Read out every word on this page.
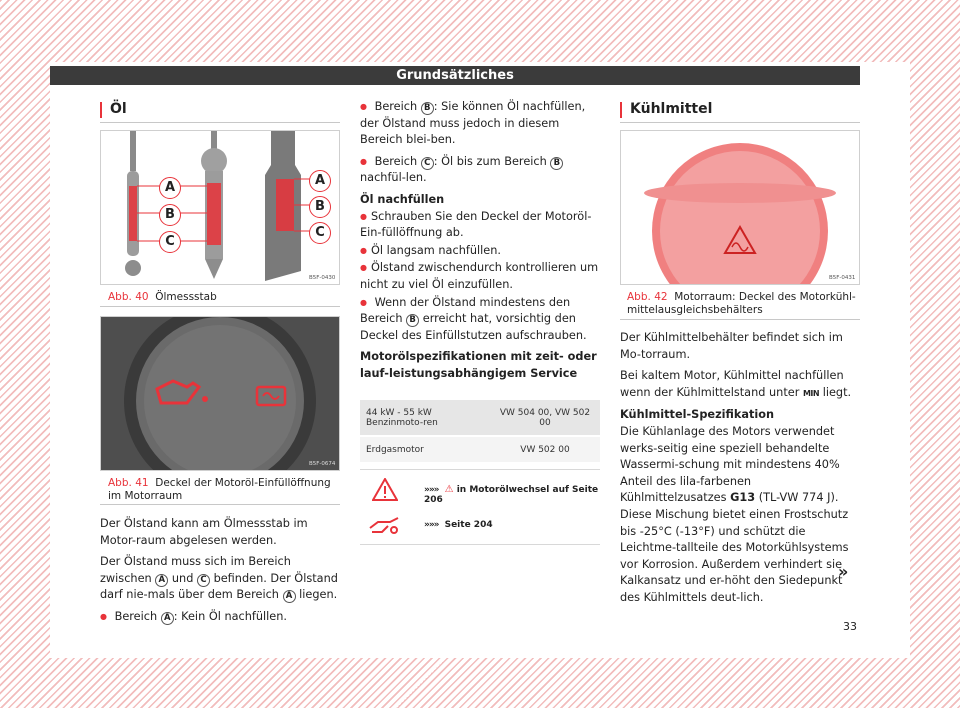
Grundsätzliches
Öl
A
B
C
A
B
C
B5F-0430
Abb. 40 Ölmessstab
B5F-0674
Abb. 41 Deckel der Motoröl-Einfüllöffnung im Motorraum

Der Ölstand kann am Ölmessstab im Motor-raum abgelesen werden.

Der Ölstand muss sich im Bereich zwischen A und C befinden. Der Ölstand darf nie-mals über dem Bereich A liegen.

● Bereich A : Kein Öl nachfüllen.

● Bereich B : Sie können Öl nachfüllen, der Ölstand muss jedoch in diesem Bereich blei-ben.

● Bereich C : Öl bis zum Bereich B nachfül-len.

Öl nachfüllen

● Schrauben Sie den Deckel der Motoröl-Ein-füllöffnung ab.

● Öl langsam nachfüllen.

● Ölstand zwischendurch kontrollieren um nicht zu viel Öl einzufüllen.

● Wenn der Ölstand mindestens den Bereich B erreicht hat, vorsichtig den Deckel des Einfüllstutzen aufschrauben.

Motorölspezifikationen mit zeit- oder lauf-leistungsabhängigem Service

44 kW - 55 kW Benzinmoto-ren	VW 504 00, VW 502 00
Erdgasmotor	VW 502 00
»»» ⚠ in Motorölwechsel auf Seite 206
»»» Seite 204
Kühlmittel
B5F-0431
Abb. 42 Motorraum: Deckel des Motorkühl-mittelausgleichsbehälters

Der Kühlmittelbehälter befindet sich im Mo-torraum.

Bei kaltem Motor, Kühlmittel nachfüllen wenn der Kühlmittelstand unter MIN liegt.

Kühlmittel-Spezifikation

Die Kühlanlage des Motors verwendet werks-seitig eine speziell behandelte Wassermi-schung mit mindestens 40% Anteil des lila-farbenen Kühlmittelzusatzes G13 (TL-VW 774 J). Diese Mischung bietet einen Frostschutz bis -25°C (-13°F) und schützt die Leichtme-tallteile des Motorkühlsystems vor Korrosion. Außerdem verhindert sie Kalkansatz und er-höht den Siedepunkt des Kühlmittels deut-lich.

»
33
